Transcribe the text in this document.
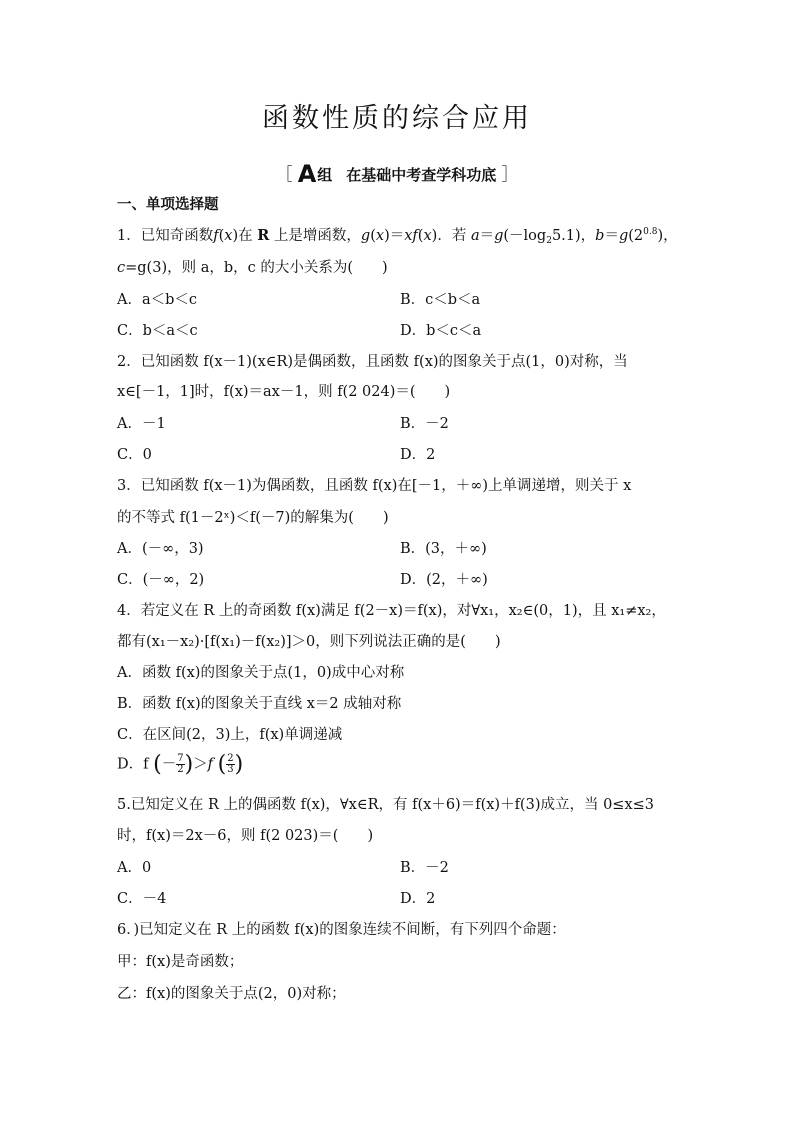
函数性质的综合应用
［ A 组 在基础中考查学科功底 ］
一、单项选择题
1．已知奇函数f(x)在 R 上是增函数，g(x)＝xf(x)．若 $a=g(-\log_25.1)$，$b=g(2^{0.8})$，
c=g(3)，则 a，b，c 的大小关系为(　　)
A．a＜b＜c	B．c＜b＜a
C．b＜a＜c	D．b＜c＜a
2．已知函数 f(x－1)(x∈R)是偶函数，且函数 f(x)的图象关于点(1，0)对称，当
x∈[－1，1]时，f(x)＝ax－1，则 f(2 024)＝(　　)
A．－1	B．－2
C．0	D．2
3．已知函数 f(x－1)为偶函数，且函数 f(x)在[－1，＋∞)上单调递增，则关于 x
的不等式 f(1－2ˣ)＜f(－7)的解集为(　　)
A．(－∞，3)	B．(3，＋∞)
C．(－∞，2)	D．(2，＋∞)
4．若定义在 R 上的奇函数 f(x)满足 f(2－x)＝f(x)，对∀x₁，x₂∈(0，1)，且 x₁≠x₂，
都有(x₁－x₂)·[f(x₁)－f(x₂)]＞0，则下列说法正确的是(　　)
A．函数 f(x)的图象关于点(1，0)成中心对称
B．函数 f(x)的图象关于直线 x＝2 成轴对称
C．在区间(2，3)上，f(x)单调递减
D．f (－ $\frac{7}{2} )>f$ ( $\frac{2}{3}$ )
5.已知定义在 R 上的偶函数 f(x)，∀x∈R，有 f(x＋6)＝f(x)＋f(3)成立，当 0≤x≤3
时，f(x)＝2x－6，则 f(2 023)＝(　　)
A．0	B．－2
C．－4	D．2
6．)已知定义在 R 上的函数 f(x)的图象连续不间断，有下列四个命题：
甲：f(x)是奇函数；
乙：f(x)的图象关于点(2，0)对称；
